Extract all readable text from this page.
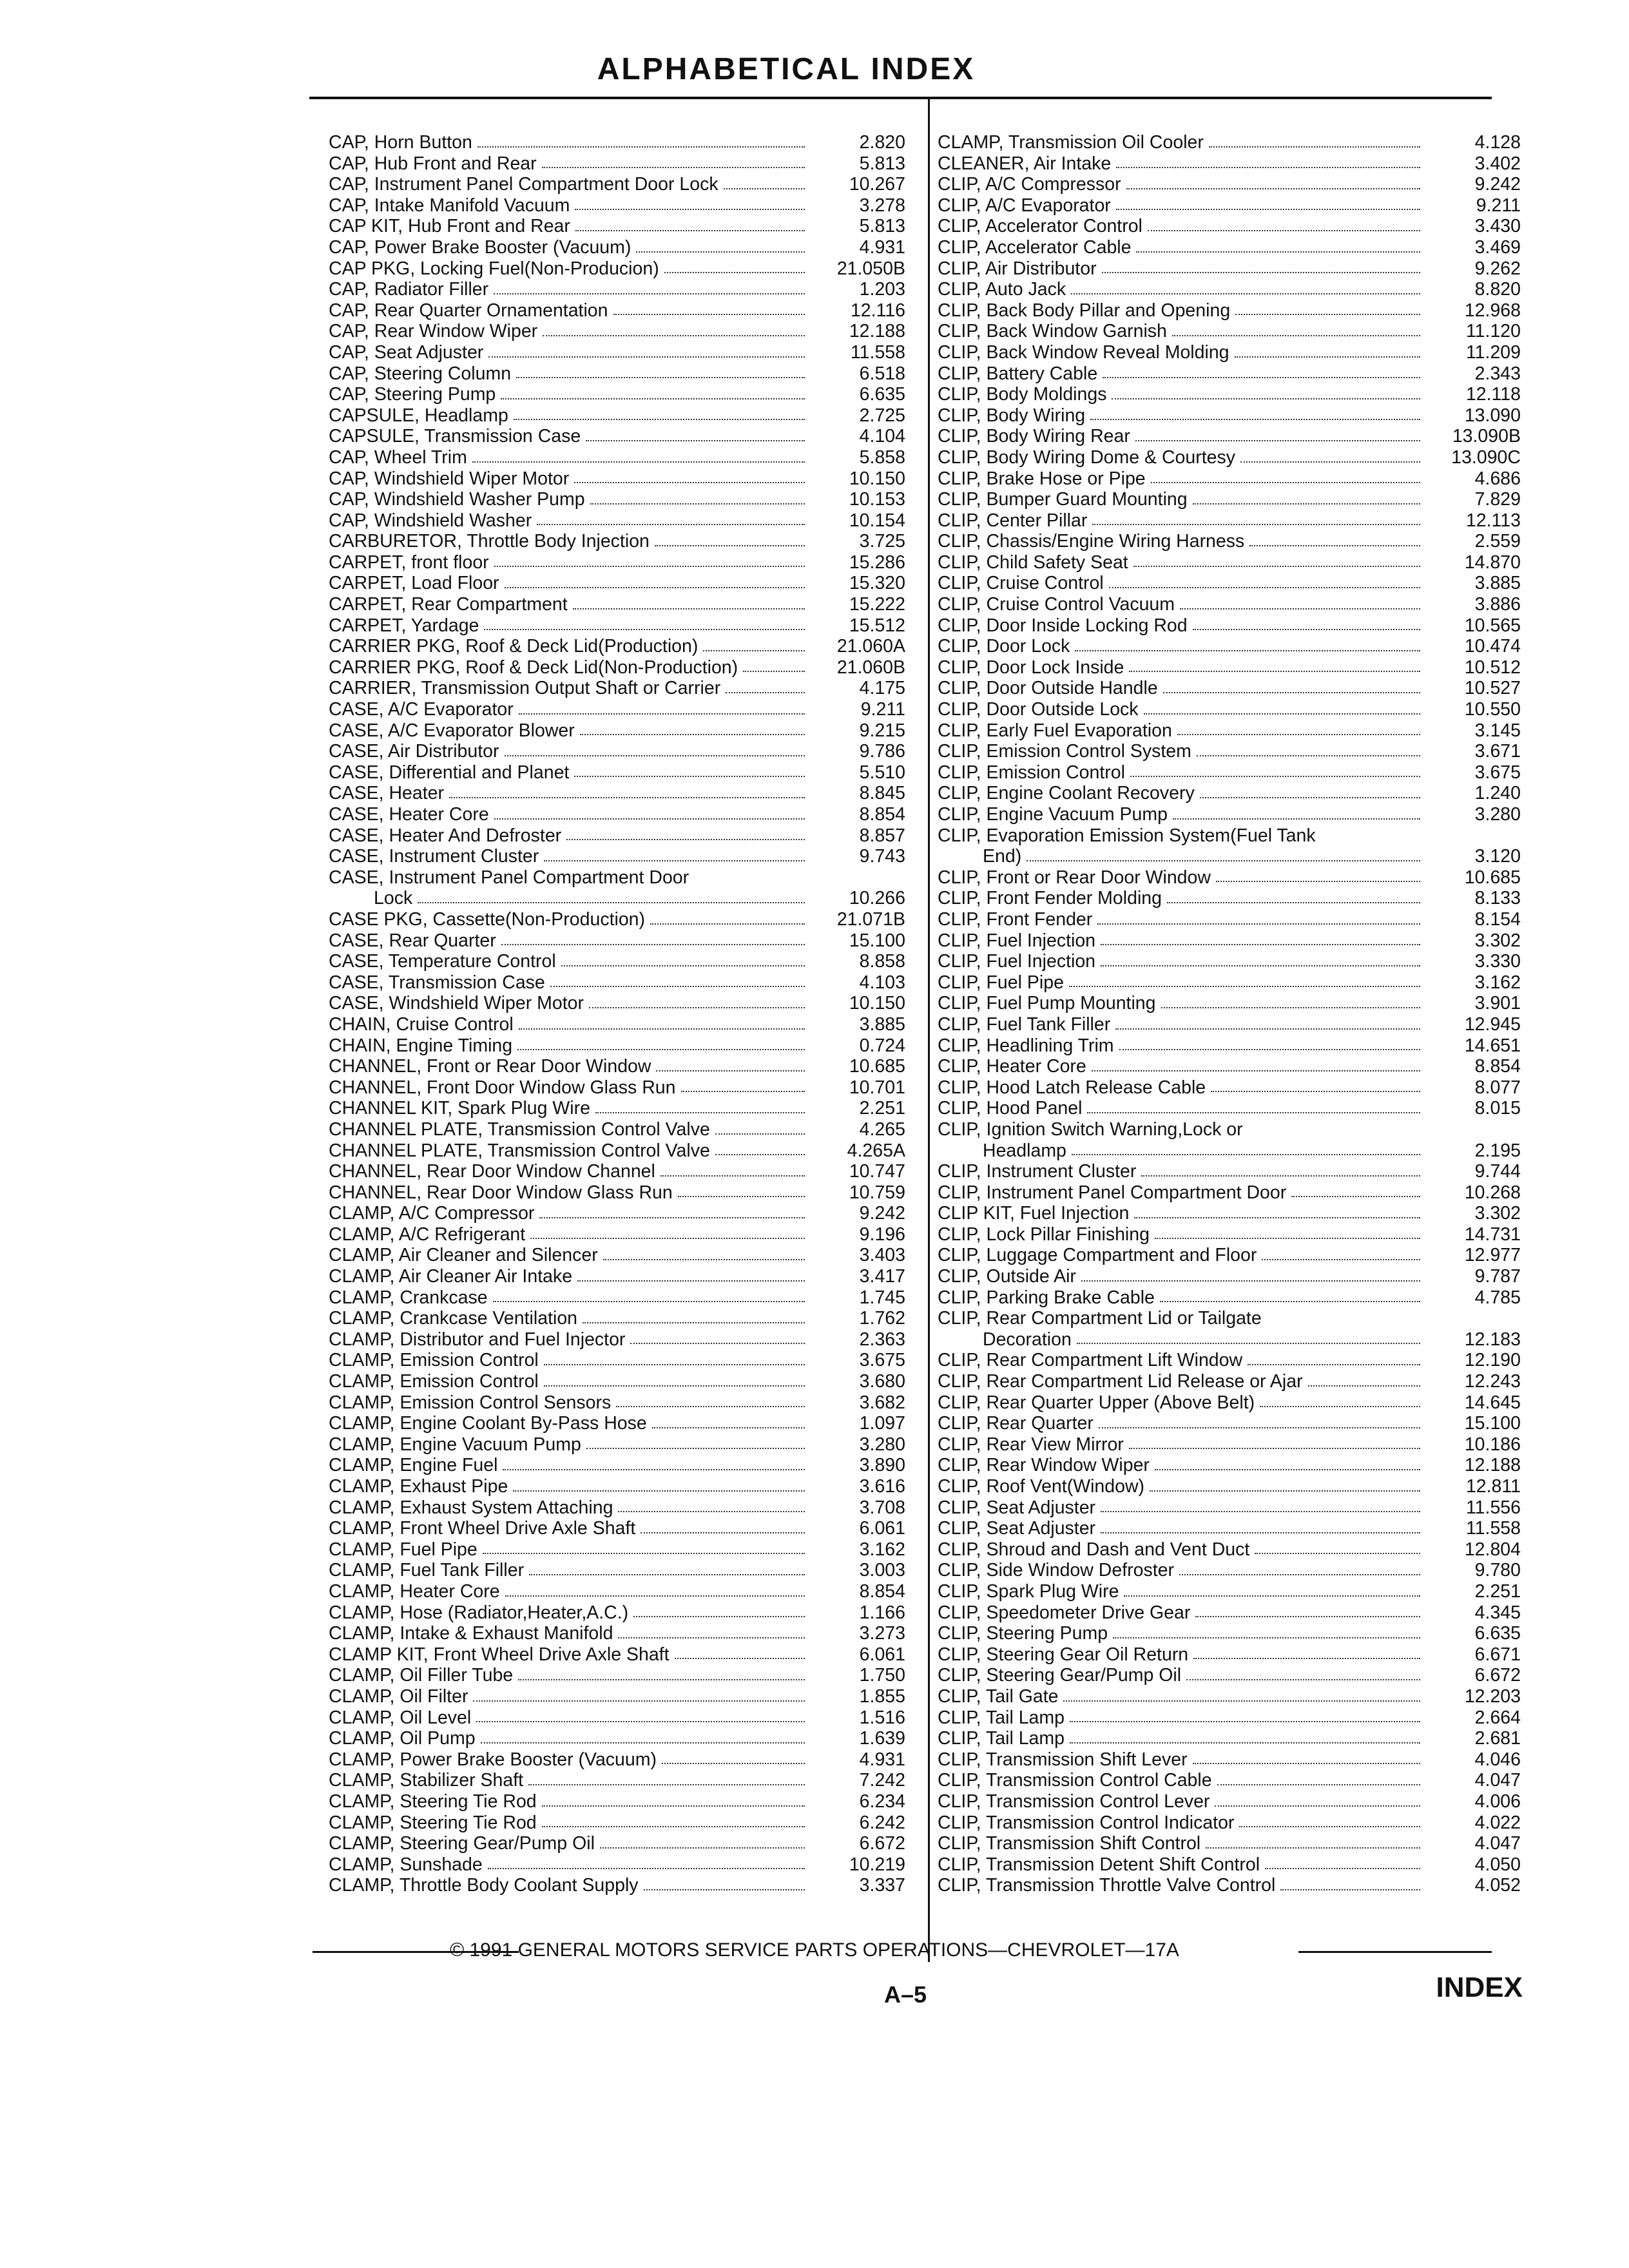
ALPHABETICAL INDEX
CAP, Horn Button	2.820
CAP, Hub Front and Rear	5.813
CAP, Instrument Panel Compartment Door Lock	10.267
CAP, Intake Manifold Vacuum	3.278
CAP KIT, Hub Front and Rear	5.813
CAP, Power Brake Booster (Vacuum)	4.931
CAP PKG, Locking Fuel(Non-Producion)	21.050B
CAP, Radiator Filler	1.203
CAP, Rear Quarter Ornamentation	12.116
CAP, Rear Window Wiper	12.188
CAP, Seat Adjuster	11.558
CAP, Steering Column	6.518
CAP, Steering Pump	6.635
CAPSULE, Headlamp	2.725
CAPSULE, Transmission Case	4.104
CAP, Wheel Trim	5.858
CAP, Windshield Wiper Motor	10.150
CAP, Windshield Washer Pump	10.153
CAP, Windshield Washer	10.154
CARBURETOR, Throttle Body Injection	3.725
CARPET, front floor	15.286
CARPET, Load Floor	15.320
CARPET, Rear Compartment	15.222
CARPET, Yardage	15.512
CARRIER PKG, Roof & Deck Lid(Production)	21.060A
CARRIER PKG, Roof & Deck Lid(Non-Production)	21.060B
CARRIER, Transmission Output Shaft or Carrier	4.175
CASE, A/C Evaporator	9.211
CASE, A/C Evaporator Blower	9.215
CASE, Air Distributor	9.786
CASE, Differential and Planet	5.510
CASE, Heater	8.845
CASE, Heater Core	8.854
CASE, Heater And Defroster	8.857
CASE, Instrument Cluster	9.743
CASE, Instrument Panel Compartment Door
Lock	10.266
CASE PKG, Cassette(Non-Production)	21.071B
CASE, Rear Quarter	15.100
CASE, Temperature Control	8.858
CASE, Transmission Case	4.103
CASE, Windshield Wiper Motor	10.150
CHAIN, Cruise Control	3.885
CHAIN, Engine Timing	0.724
CHANNEL, Front or Rear Door Window	10.685
CHANNEL, Front Door Window Glass Run	10.701
CHANNEL KIT, Spark Plug Wire	2.251
CHANNEL PLATE, Transmission Control Valve	4.265
CHANNEL PLATE, Transmission Control Valve	4.265A
CHANNEL, Rear Door Window Channel	10.747
CHANNEL, Rear Door Window Glass Run	10.759
CLAMP, A/C Compressor	9.242
CLAMP, A/C Refrigerant	9.196
CLAMP, Air Cleaner and Silencer	3.403
CLAMP, Air Cleaner Air Intake	3.417
CLAMP, Crankcase	1.745
CLAMP, Crankcase Ventilation	1.762
CLAMP, Distributor and Fuel Injector	2.363
CLAMP, Emission Control	3.675
CLAMP, Emission Control	3.680
CLAMP, Emission Control Sensors	3.682
CLAMP, Engine Coolant By-Pass Hose	1.097
CLAMP, Engine Vacuum Pump	3.280
CLAMP, Engine Fuel	3.890
CLAMP, Exhaust Pipe	3.616
CLAMP, Exhaust System Attaching	3.708
CLAMP, Front Wheel Drive Axle Shaft	6.061
CLAMP, Fuel Pipe	3.162
CLAMP, Fuel Tank Filler	3.003
CLAMP, Heater Core	8.854
CLAMP, Hose (Radiator,Heater,A.C.)	1.166
CLAMP, Intake & Exhaust Manifold	3.273
CLAMP KIT, Front Wheel Drive Axle Shaft	6.061
CLAMP, Oil Filler Tube	1.750
CLAMP, Oil Filter	1.855
CLAMP, Oil Level	1.516
CLAMP, Oil Pump	1.639
CLAMP, Power Brake Booster (Vacuum)	4.931
CLAMP, Stabilizer Shaft	7.242
CLAMP, Steering Tie Rod	6.234
CLAMP, Steering Tie Rod	6.242
CLAMP, Steering Gear/Pump Oil	6.672
CLAMP, Sunshade	10.219
CLAMP, Throttle Body Coolant Supply	3.337
CLAMP, Transmission Oil Cooler	4.128
CLEANER, Air Intake	3.402
CLIP, A/C Compressor	9.242
CLIP, A/C Evaporator	9.211
CLIP, Accelerator Control	3.430
CLIP, Accelerator Cable	3.469
CLIP, Air Distributor	9.262
CLIP, Auto Jack	8.820
CLIP, Back Body Pillar and Opening	12.968
CLIP, Back Window Garnish	11.120
CLIP, Back Window Reveal Molding	11.209
CLIP, Battery Cable	2.343
CLIP, Body Moldings	12.118
CLIP, Body Wiring	13.090
CLIP, Body Wiring Rear	13.090B
CLIP, Body Wiring Dome & Courtesy	13.090C
CLIP, Brake Hose or Pipe	4.686
CLIP, Bumper Guard Mounting	7.829
CLIP, Center Pillar	12.113
CLIP, Chassis/Engine Wiring Harness	2.559
CLIP, Child Safety Seat	14.870
CLIP, Cruise Control	3.885
CLIP, Cruise Control Vacuum	3.886
CLIP, Door Inside Locking Rod	10.565
CLIP, Door Lock	10.474
CLIP, Door Lock Inside	10.512
CLIP, Door Outside Handle	10.527
CLIP, Door Outside Lock	10.550
CLIP, Early Fuel Evaporation	3.145
CLIP, Emission Control System	3.671
CLIP, Emission Control	3.675
CLIP, Engine Coolant Recovery	1.240
CLIP, Engine Vacuum Pump	3.280
CLIP, Evaporation Emission System(Fuel Tank
End)	3.120
CLIP, Front or Rear Door Window	10.685
CLIP, Front Fender Molding	8.133
CLIP, Front Fender	8.154
CLIP, Fuel Injection	3.302
CLIP, Fuel Injection	3.330
CLIP, Fuel Pipe	3.162
CLIP, Fuel Pump Mounting	3.901
CLIP, Fuel Tank Filler	12.945
CLIP, Headlining Trim	14.651
CLIP, Heater Core	8.854
CLIP, Hood Latch Release Cable	8.077
CLIP, Hood Panel	8.015
CLIP, Ignition Switch Warning,Lock or
Headlamp	2.195
CLIP, Instrument Cluster	9.744
CLIP, Instrument Panel Compartment Door	10.268
CLIP KIT, Fuel Injection	3.302
CLIP, Lock Pillar Finishing	14.731
CLIP, Luggage Compartment and Floor	12.977
CLIP, Outside Air	9.787
CLIP, Parking Brake Cable	4.785
CLIP, Rear Compartment Lid or Tailgate
Decoration	12.183
CLIP, Rear Compartment Lift Window	12.190
CLIP, Rear Compartment Lid Release or Ajar	12.243
CLIP, Rear Quarter Upper (Above Belt)	14.645
CLIP, Rear Quarter	15.100
CLIP, Rear View Mirror	10.186
CLIP, Rear Window Wiper	12.188
CLIP, Roof Vent(Window)	12.811
CLIP, Seat Adjuster	11.556
CLIP, Seat Adjuster	11.558
CLIP, Shroud and Dash and Vent Duct	12.804
CLIP, Side Window Defroster	9.780
CLIP, Spark Plug Wire	2.251
CLIP, Speedometer Drive Gear	4.345
CLIP, Steering Pump	6.635
CLIP, Steering Gear Oil Return	6.671
CLIP, Steering Gear/Pump Oil	6.672
CLIP, Tail Gate	12.203
CLIP, Tail Lamp	2.664
CLIP, Tail Lamp	2.681
CLIP, Transmission Shift Lever	4.046
CLIP, Transmission Control Cable	4.047
CLIP, Transmission Control Lever	4.006
CLIP, Transmission Control Indicator	4.022
CLIP, Transmission Shift Control	4.047
CLIP, Transmission Detent Shift Control	4.050
CLIP, Transmission Throttle Valve Control	4.052
© 1991 GENERAL MOTORS SERVICE PARTS OPERATIONS—CHEVROLET—17A
A–5	INDEX
